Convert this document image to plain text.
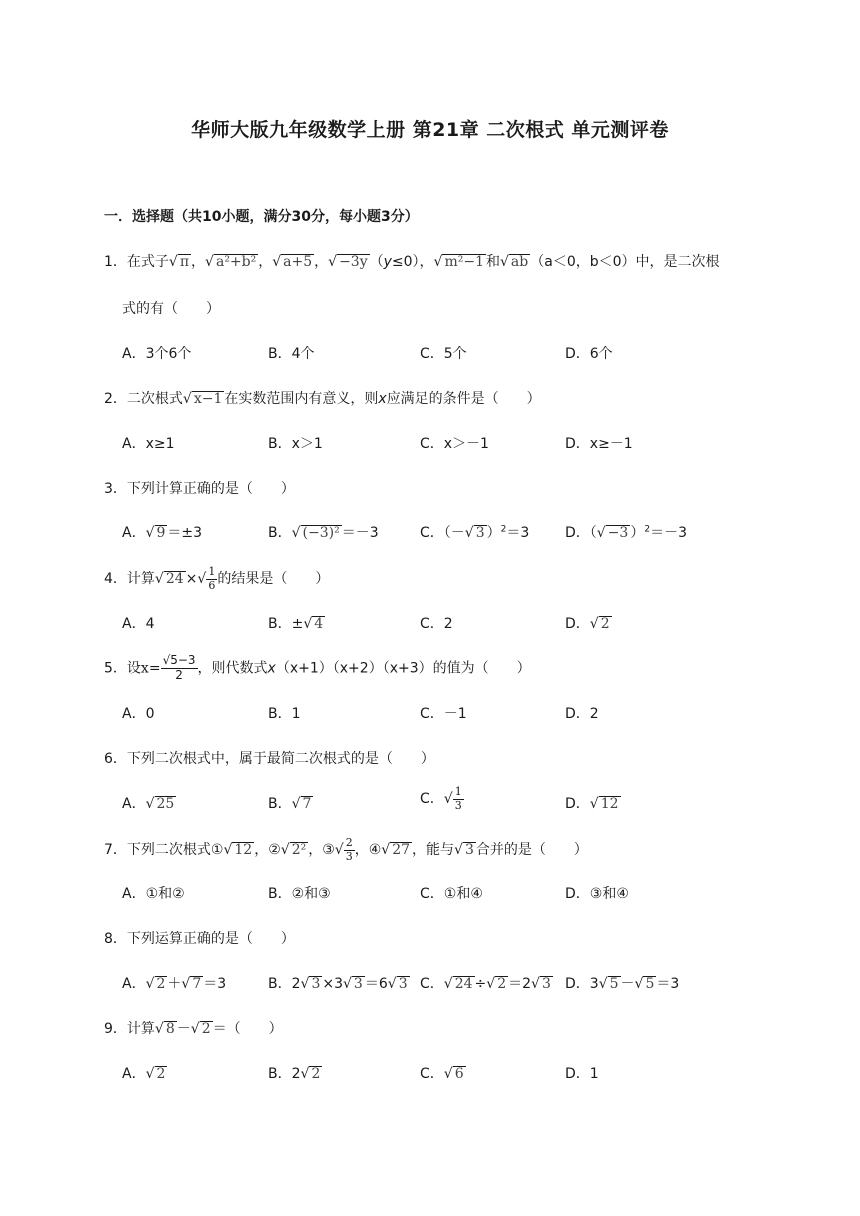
华师大版九年级数学上册 第21章 二次根式 单元测评卷
一．选择题（共10小题，满分30分，每小题3分）
1．在式子√ π ，√ a²+b² ，√ a+5 ，√ −3y （y≤0），√ m²−1 和√ ab （a＜0，b＜0）中，是二次根
式的有（　　）
A．3个6个	B．4个	C．5个	D．6个
2．二次根式√ x−1 在实数范围内有意义，则x应满足的条件是（　　）
A．x≥1	B．x＞1	C．x＞－1	D．x≥－1
3．下列计算正确的是（　　）
A．√ 9 ＝±3	B．√ (−3)² ＝－3	C．（－√ 3 ）$^2$＝3	D．（√ −3 ）$^2$＝－3
4．计算√ 24 ×√ $\frac{1}{6}$ 的结果是（　　）
A．4	B．±√ 4	C．2	D．√ 2
5．设$x= \frac{√5-3}{2}$ ，则代数式x（x+1）（x+2）（x+3）的值为（　　）
A．0	B．1	C．－1	D．2
6．下列二次根式中，属于最简二次根式的是（　　）
A．√ 25	B．√ 7	C．√ $\frac{1}{3}$	D．√ 12
7．下列二次根式①√ 12 ，②√ 2² ，③√ $\frac{2}{3}$ ，④√ 27 ，能与√ 3 合并的是（　　）
A．①和②	B．②和③	C．①和④	D．③和④
8．下列运算正确的是（　　）
A．√ 2 ＋√ 7 ＝3	B．2√ 3 ×3√ 3 ＝6√ 3 C．√ 24 ÷√ 2 ＝2√ 3 D．3√ 5 －√ 5 ＝3
9．计算√ 8 －√ 2 ＝（　　）
A．√ 2	B．2√ 2	C．√ 6	D．1
